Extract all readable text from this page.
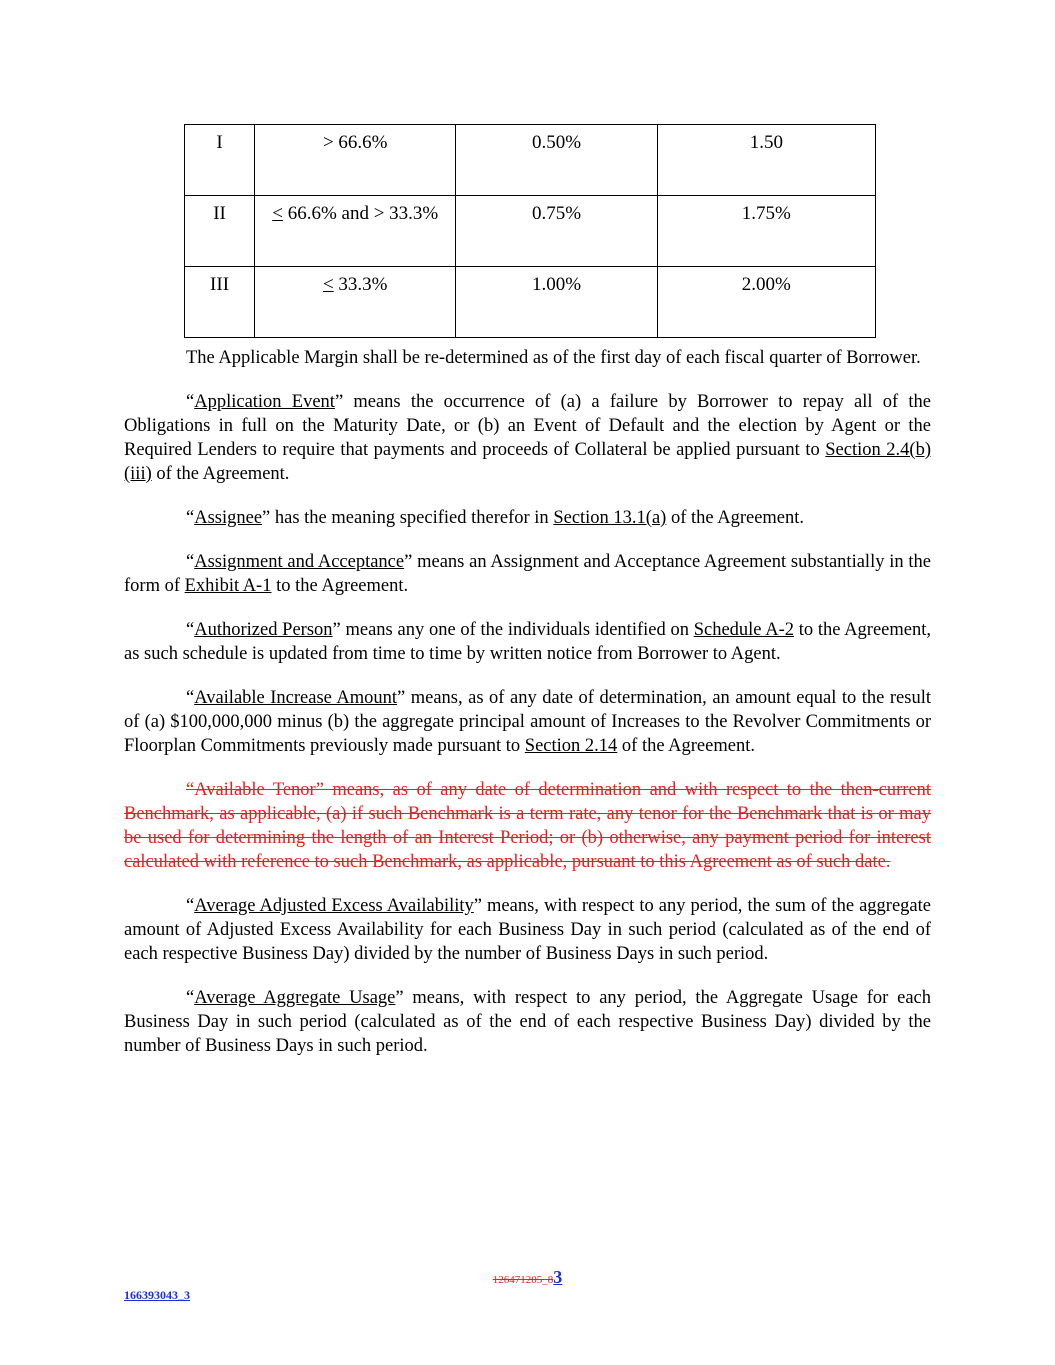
I	> 66.6%	0.50%	1.50
II	< 66.6% and > 33.3%	0.75%	1.75%
III	< 33.3%	1.00%	2.00%

The Applicable Margin shall be re-determined as of the first day of each fiscal quarter of Borrower.

“Application Event” means the occurrence of (a) a failure by Borrower to repay all of the Obligations in full on the Maturity Date, or (b) an Event of Default and the election by Agent or the Required Lenders to require that payments and proceeds of Collateral be applied pursuant to Section 2.4(b)(iii) of the Agreement.

“Assignee” has the meaning specified therefor in Section 13.1(a) of the Agreement.

“Assignment and Acceptance” means an Assignment and Acceptance Agreement substantially in the form of Exhibit A-1 to the Agreement.

“Authorized Person” means any one of the individuals identified on Schedule A-2 to the Agreement, as such schedule is updated from time to time by written notice from Borrower to Agent.

“Available Increase Amount” means, as of any date of determination, an amount equal to the result of (a) $100,000,000 minus (b) the aggregate principal amount of Increases to the Revolver Commitments or Floorplan Commitments previously made pursuant to Section 2.14 of the Agreement.

“Available Tenor” means, as of any date of determination and with respect to the then-current Benchmark, as applicable, (a) if such Benchmark is a term rate, any tenor for the Benchmark that is or may be used for determining the length of an Interest Period; or (b) otherwise, any payment period for interest calculated with reference to such Benchmark, as applicable, pursuant to this Agreement as of such date.

“Average Adjusted Excess Availability” means, with respect to any period, the sum of the aggregate amount of Adjusted Excess Availability for each Business Day in such period (calculated as of the end of each respective Business Day) divided by the number of Business Days in such period.

“Average Aggregate Usage” means, with respect to any period, the Aggregate Usage for each Business Day in such period (calculated as of the end of each respective Business Day) divided by the number of Business Days in such period.

126471205_83
166393043_3
